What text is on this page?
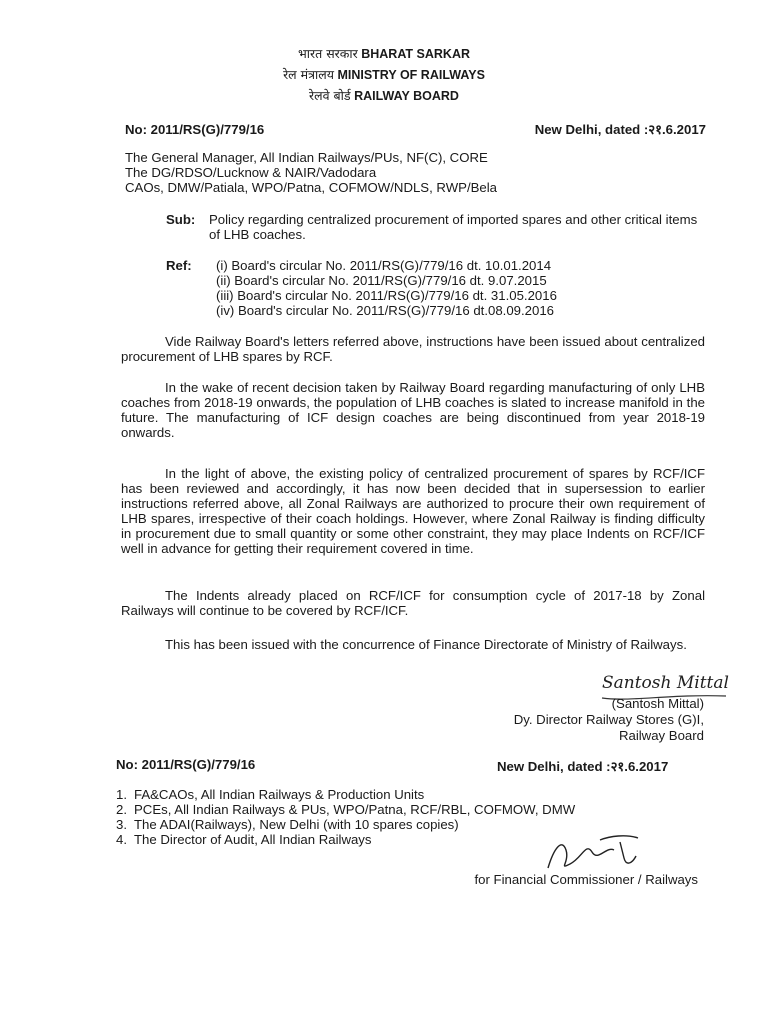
भारत सरकार BHARAT SARKAR
रेल मंत्रालय MINISTRY OF RAILWAYS
रेलवे बोर्ड RAILWAY BOARD
No: 2011/RS(G)/779/16	New Delhi, dated :२१.6.2017
The General Manager, All Indian Railways/PUs, NF(C), CORE
The DG/RDSO/Lucknow & NAIR/Vadodara
CAOs, DMW/Patiala, WPO/Patna, COFMOW/NDLS, RWP/Bela
Sub: Policy regarding centralized procurement of imported spares and other critical items
of LHB coaches.
Ref: (i) Board's circular No. 2011/RS(G)/779/16 dt. 10.01.2014
(ii) Board's circular No. 2011/RS(G)/779/16 dt. 9.07.2015
(iii) Board's circular No. 2011/RS(G)/779/16 dt. 31.05.2016
(iv) Board's circular No. 2011/RS(G)/779/16 dt.08.09.2016
Vide Railway Board's letters referred above, instructions have been issued about centralized procurement of LHB spares by RCF.
In the wake of recent decision taken by Railway Board regarding manufacturing of only LHB coaches from 2018-19 onwards, the population of LHB coaches is slated to increase manifold in the future. The manufacturing of ICF design coaches are being discontinued from year 2018-19 onwards.
In the light of above, the existing policy of centralized procurement of spares by RCF/ICF has been reviewed and accordingly, it has now been decided that in supersession to earlier instructions referred above, all Zonal Railways are authorized to procure their own requirement of LHB spares, irrespective of their coach holdings. However, where Zonal Railway is finding difficulty in procurement due to small quantity or some other constraint, they may place Indents on RCF/ICF well in advance for getting their requirement covered in time.
The Indents already placed on RCF/ICF for consumption cycle of 2017-18 by Zonal Railways will continue to be covered by RCF/ICF.
This has been issued with the concurrence of Finance Directorate of Ministry of Railways.
Santosh Mittal
(Santosh Mittal)
Dy. Director Railway Stores (G)I,
Railway Board
No: 2011/RS(G)/779/16	New Delhi, dated :२१.6.2017
1. FA&CAOs, All Indian Railways & Production Units
2. PCEs, All Indian Railways & PUs, WPO/Patna, RCF/RBL, COFMOW, DMW
3. The ADAI(Railways), New Delhi (with 10 spares copies)
4. The Director of Audit, All Indian Railways
for Financial Commissioner / Railways
